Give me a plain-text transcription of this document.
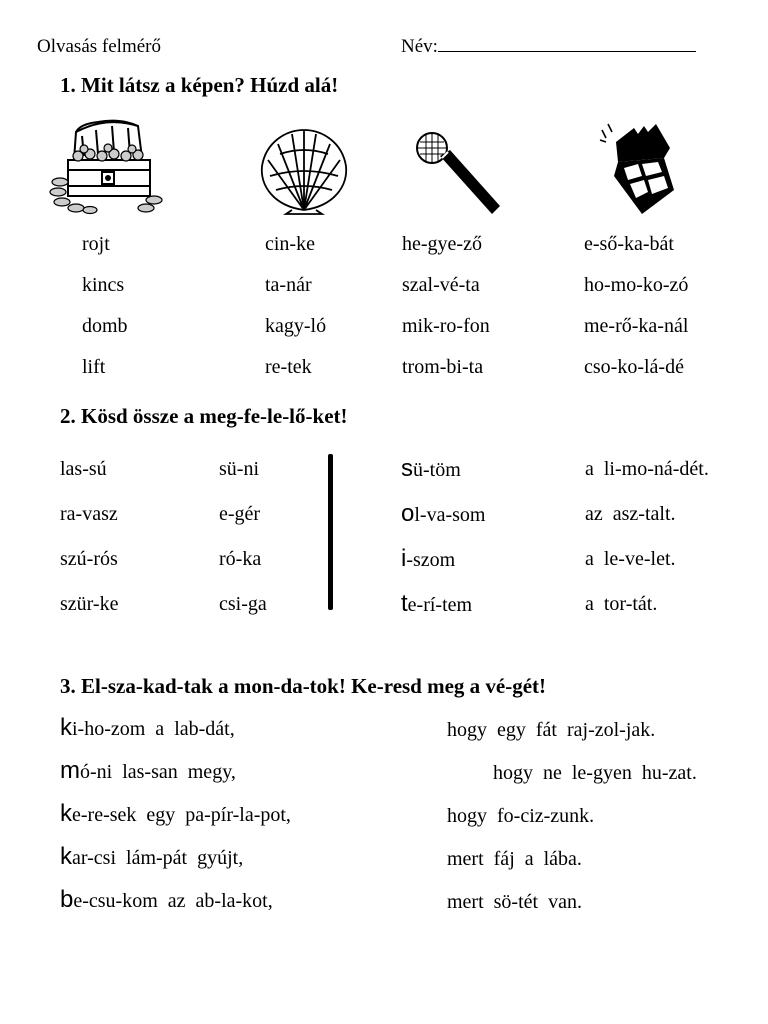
Olvasás felmérő	Név:
1. Mit látsz a képen? Húzd alá!
rojt
kincs
domb
lift
cin-ke
ta-nár
kagy-ló
re-tek
he-gye-ző
szal-vé-ta
mik-ro-fon
trom-bi-ta
e-ső-ka-bát
ho-mo-ko-zó
me-rő-ka-nál
cso-ko-lá-dé
2. Kösd össze a meg-fe-le-lő-ket!
las-sú
ra-vasz
szú-rós
szür-ke
sü-ni
e-gér
ró-ka
csi-ga
sü-töm
ol-va-som
i-szom
te-rí-tem
a  li-mo-ná-dét.
az  asz-talt.
a  le-ve-let.
a  tor-tát.
3. El-sza-kad-tak a mon-da-tok! Ke-resd meg a vé-gét!
ki-ho-zom  a  lab-dát,
mó-ni  las-san  megy,
ke-re-sek  egy  pa-pír-la-pot,
kar-csi  lám-pát  gyújt,
be-csu-kom  az  ab-la-kot,
hogy  egy  fát  raj-zol-jak.
hogy  ne  le-gyen  hu-zat.
hogy  fo-ciz-zunk.
mert  fáj  a  lába.
mert  sö-tét  van.
